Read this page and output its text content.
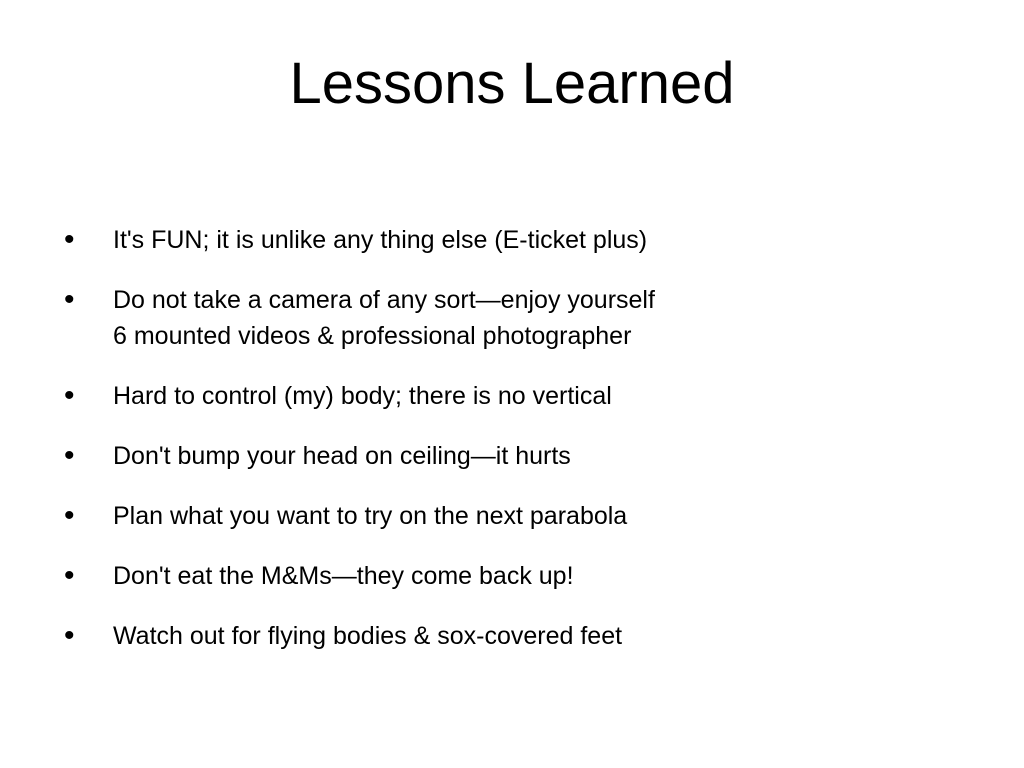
Lessons Learned
• It's FUN; it is unlike any thing else (E-ticket plus)
• Do not take a camera of any sort—enjoy yourself
6 mounted videos & professional photographer
• Hard to control (my) body; there is no vertical
• Don't bump your head on ceiling—it hurts
• Plan what you want to try on the next parabola
• Don't eat the M&Ms—they come back up!
• Watch out for flying bodies & sox-covered feet
